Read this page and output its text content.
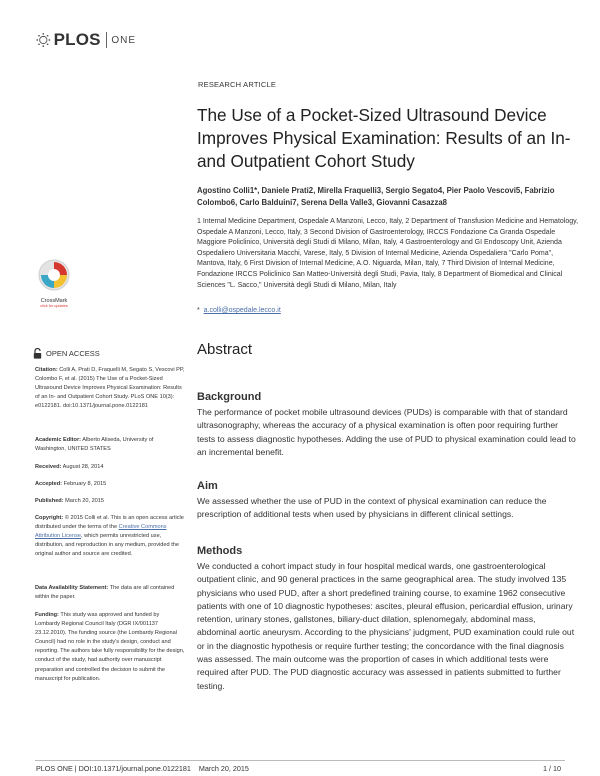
PLOS ONE
RESEARCH ARTICLE
The Use of a Pocket-Sized Ultrasound Device Improves Physical Examination: Results of an In- and Outpatient Cohort Study

Agostino Colli1*, Daniele Prati2, Mirella Fraquelli3, Sergio Segato4, Pier Paolo Vescovi5, Fabrizio Colombo6, Carlo Balduini7, Serena Della Valle3, Giovanni Casazza8

1 Internal Medicine Department, Ospedale A Manzoni, Lecco, Italy, 2 Department of Transfusion Medicine and Hematology, Ospedale A Manzoni, Lecco, Italy, 3 Second Division of Gastroenterology, IRCCS Fondazione Ca Granda Ospedale Maggiore Policlinico, Università degli Studi di Milano, Milan, Italy, 4 Gastroenterology and GI Endoscopy Unit, Azienda Ospedaliero Universitaria Macchi, Varese, Italy, 5 Division of Internal Medicine, Azienda Ospedaliera "Carlo Poma", Mantova, Italy, 6 First Division of Internal Medicine, A.O. Niguarda, Milan, Italy, 7 Third Division of Internal Medicine, Fondazione IRCCS Policlinico San Matteo-Università degli Studi, Pavia, Italy, 8 Department of Biomedical and Clinical Sciences "L. Sacco," Università degli Studi di Milano, Milan, Italy

* a.colli@ospedale.lecco.it
Abstract
Background

The performance of pocket mobile ultrasound devices (PUDs) is comparable with that of standard ultrasonography, whereas the accuracy of a physical examination is often poor requiring further tests to assess diagnostic hypotheses. Adding the use of PUD to physical examination could lead to an incremental benefit.

Aim

We assessed whether the use of PUD in the context of physical examination can reduce the prescription of additional tests when used by physicians in different clinical settings.

Methods

We conducted a cohort impact study in four hospital medical wards, one gastroenterological outpatient clinic, and 90 general practices in the same geographical area. The study involved 135 physicians who used PUD, after a short predefined training course, to examine 1962 consecutive patients with one of 10 diagnostic hypotheses: ascites, pleural effusion, pericardial effusion, urinary retention, urinary stones, gallstones, biliary-duct dilation, splenomegaly, abdominal mass, abdominal aortic aneurysm. According to the physicians' judgment, PUD examination could rule out or in the diagnostic hypothesis or require further testing; the concordance with the final diagnosis was assessed. The main outcome was the proportion of cases in which additional tests were required after PUD. The PUD diagnostic accuracy was assessed in patients submitted to further testing.

CrossMark
click for updates
OPEN ACCESS

Citation: Colli A, Prati D, Fraquelli M, Segato S, Vescovi PP, Colombo F, et al. (2015) The Use of a Pocket-Sized Ultrasound Device Improves Physical Examination: Results of an In- and Outpatient Cohort Study. PLoS ONE 10(3): e0122181. doi:10.1371/journal.pone.0122181

Academic Editor: Alberto Aliseda, University of Washington, UNITED STATES

Received: August 28, 2014

Accepted: February 8, 2015

Published: March 20, 2015

Copyright: © 2015 Colli et al. This is an open access article distributed under the terms of the Creative Commons Attribution License, which permits unrestricted use, distribution, and reproduction in any medium, provided the original author and source are credited.

Data Availability Statement: The data are all contained within the paper.

Funding: This study was approved and funded by Lombardy Regional Council Italy (DGR IX/001137 23.12.2010). The funding source (the Lombardy Regional Council) had no role in the study's design, conduct and reporting. The authors take fully responsibility for the design, conduct of the study, had authority over manuscript preparation and controlled the decision to submit the manuscript for publication.

PLOS ONE | DOI:10.1371/journal.pone.0122181    March 20, 2015	1 / 10
